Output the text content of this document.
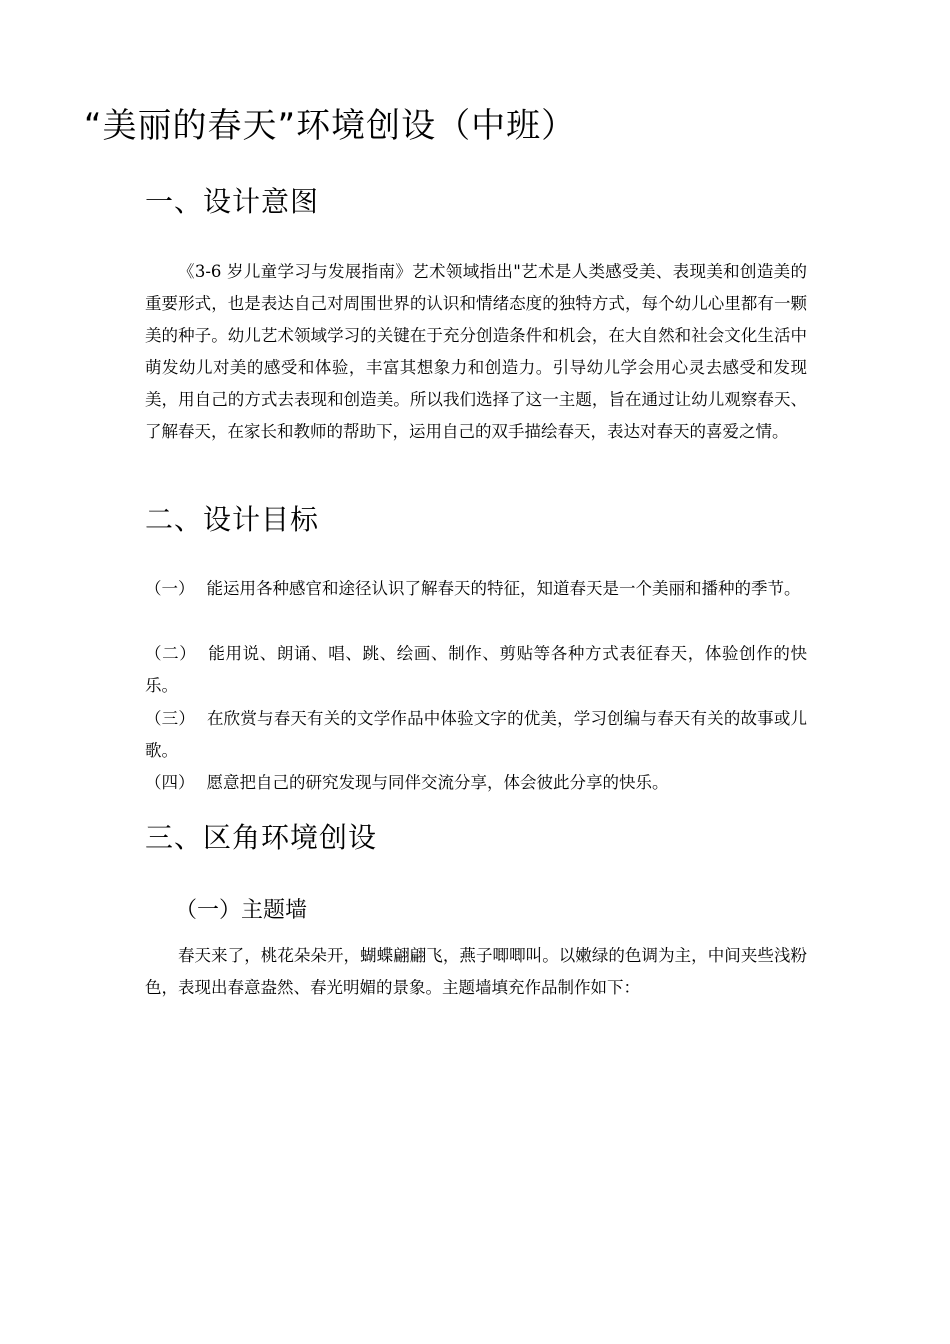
“美丽的春天”环境创设（中班）
一、设计意图

《3-6 岁儿童学习与发展指南》艺术领域指出"艺术是人类感受美、表现美和创造美的重要形式，也是表达自己对周围世界的认识和情绪态度的独特方式，每个幼儿心里都有一颗美的种子。幼儿艺术领域学习的关键在于充分创造条件和机会，在大自然和社会文化生活中萌发幼儿对美的感受和体验，丰富其想象力和创造力。引导幼儿学会用心灵去感受和发现美，用自己的方式去表现和创造美。所以我们选择了这一主题，旨在通过让幼儿观察春天、了解春天，在家长和教师的帮助下，运用自己的双手描绘春天，表达对春天的喜爱之情。

二、设计目标

（一） 能运用各种感官和途径认识了解春天的特征，知道春天是一个美丽和播种的季节。

（二） 能用说、朗诵、唱、跳、绘画、制作、剪贴等各种方式表征春天，体验创作的快乐。

（三） 在欣赏与春天有关的文学作品中体验文字的优美，学习创编与春天有关的故事或儿歌。

（四） 愿意把自己的研究发现与同伴交流分享，体会彼此分享的快乐。

三、区角环境创设
（一）主题墙

春天来了，桃花朵朵开，蝴蝶翩翩飞，燕子唧唧叫。以嫩绿的色调为主，中间夹些浅粉色，表现出春意盎然、春光明媚的景象。主题墙填充作品制作如下：
